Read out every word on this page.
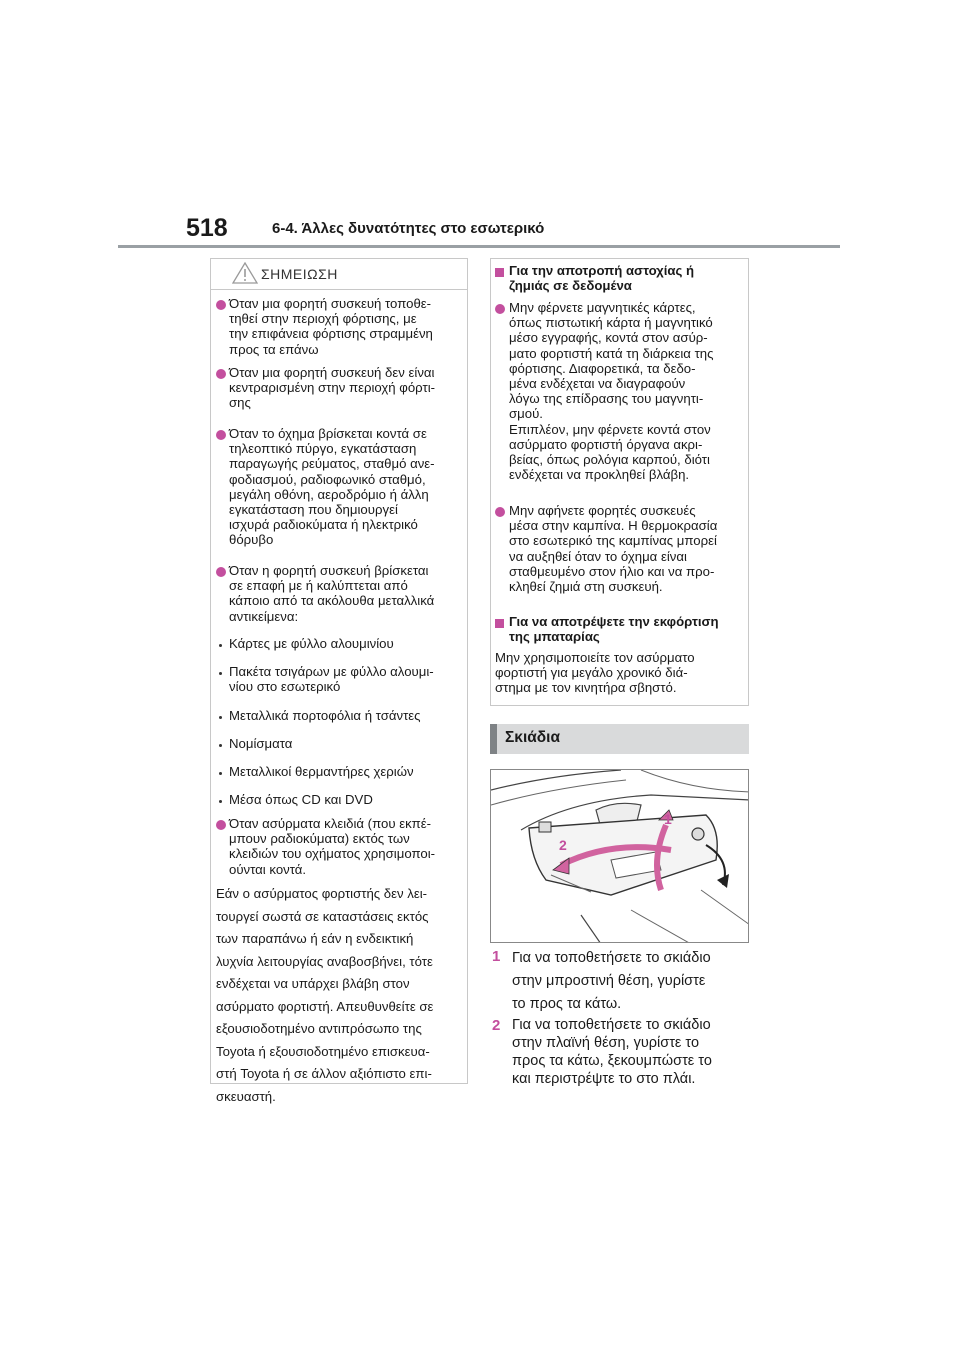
518	6-4. Άλλες δυνατότητες στο εσωτερικό
ΣΗΜΕΙΩΣΗ
Όταν μια φορητή συσκευή τοποθε-
τηθεί στην περιοχή φόρτισης, με
την επιφάνεια φόρτισης στραμμένη
προς τα επάνω
Όταν μια φορητή συσκευή δεν είναι
κεντραρισμένη στην περιοχή φόρτι-
σης
Όταν το όχημα βρίσκεται κοντά σε
τηλεοπτικό πύργο, εγκατάσταση
παραγωγής ρεύματος, σταθμό ανε-
φοδιασμού, ραδιοφωνικό σταθμό,
μεγάλη οθόνη, αεροδρόμιο ή άλλη
εγκατάσταση που δημιουργεί
ισχυρά ραδιοκύματα ή ηλεκτρικό
θόρυβο
Όταν η φορητή συσκευή βρίσκεται
σε επαφή με ή καλύπτεται από
κάποιο από τα ακόλουθα μεταλλικά
αντικείμενα:
Κάρτες με φύλλο αλουμινίου
Πακέτα τσιγάρων με φύλλο αλουμι-
νίου στο εσωτερικό
Μεταλλικά πορτοφόλια ή τσάντες
Νομίσματα
Μεταλλικοί θερμαντήρες χεριών
Μέσα όπως CD και DVD
Όταν ασύρματα κλειδιά (που εκπέ-
μπουν ραδιοκύματα) εκτός των
κλειδιών του οχήματος χρησιμοποι-
ούνται κοντά.
Εάν ο ασύρματος φορτιστής δεν λει-
τουργεί σωστά σε καταστάσεις εκτός
των παραπάνω ή εάν η ενδεικτική
λυχνία λειτουργίας αναβοσβήνει, τότε
ενδέχεται να υπάρχει βλάβη στον
ασύρματο φορτιστή. Απευθυνθείτε σε
εξουσιοδοτημένο αντιπρόσωπο της
Toyota ή εξουσιοδοτημένο επισκευα-
στή Toyota ή σε άλλον αξιόπιστο επι-
σκευαστή.
Για την αποτροπή αστοχίας ή
ζημιάς σε δεδομένα
Μην φέρνετε μαγνητικές κάρτες,
όπως πιστωτική κάρτα ή μαγνητικό
μέσο εγγραφής, κοντά στον ασύρ-
ματο φορτιστή κατά τη διάρκεια της
φόρτισης. Διαφορετικά, τα δεδο-
μένα ενδέχεται να διαγραφούν
λόγω της επίδρασης του μαγνητι-
σμού.
Επιπλέον, μην φέρνετε κοντά στον
ασύρματο φορτιστή όργανα ακρι-
βείας, όπως ρολόγια καρπού, διότι
ενδέχεται να προκληθεί βλάβη.
Μην αφήνετε φορητές συσκευές
μέσα στην καμπίνα. Η θερμοκρασία
στο εσωτερικό της καμπίνας μπορεί
να αυξηθεί όταν το όχημα είναι
σταθμευμένο στον ήλιο και να προ-
κληθεί ζημιά στη συσκευή.
Για να αποτρέψετε την εκφόρτιση
της μπαταρίας
Μην χρησιμοποιείτε τον ασύρματο
φορτιστή για μεγάλο χρονικό διά-
στημα με τον κινητήρα σβηστό.
Σκιάδια
2
1
1 Για να τοποθετήσετε το σκιάδιο
στην μπροστινή θέση, γυρίστε
το προς τα κάτω.
2 Για να τοποθετήσετε το σκιάδιο
στην πλαϊνή θέση, γυρίστε το
προς τα κάτω, ξεκουμπώστε το
και περιστρέψτε το στο πλάι.
